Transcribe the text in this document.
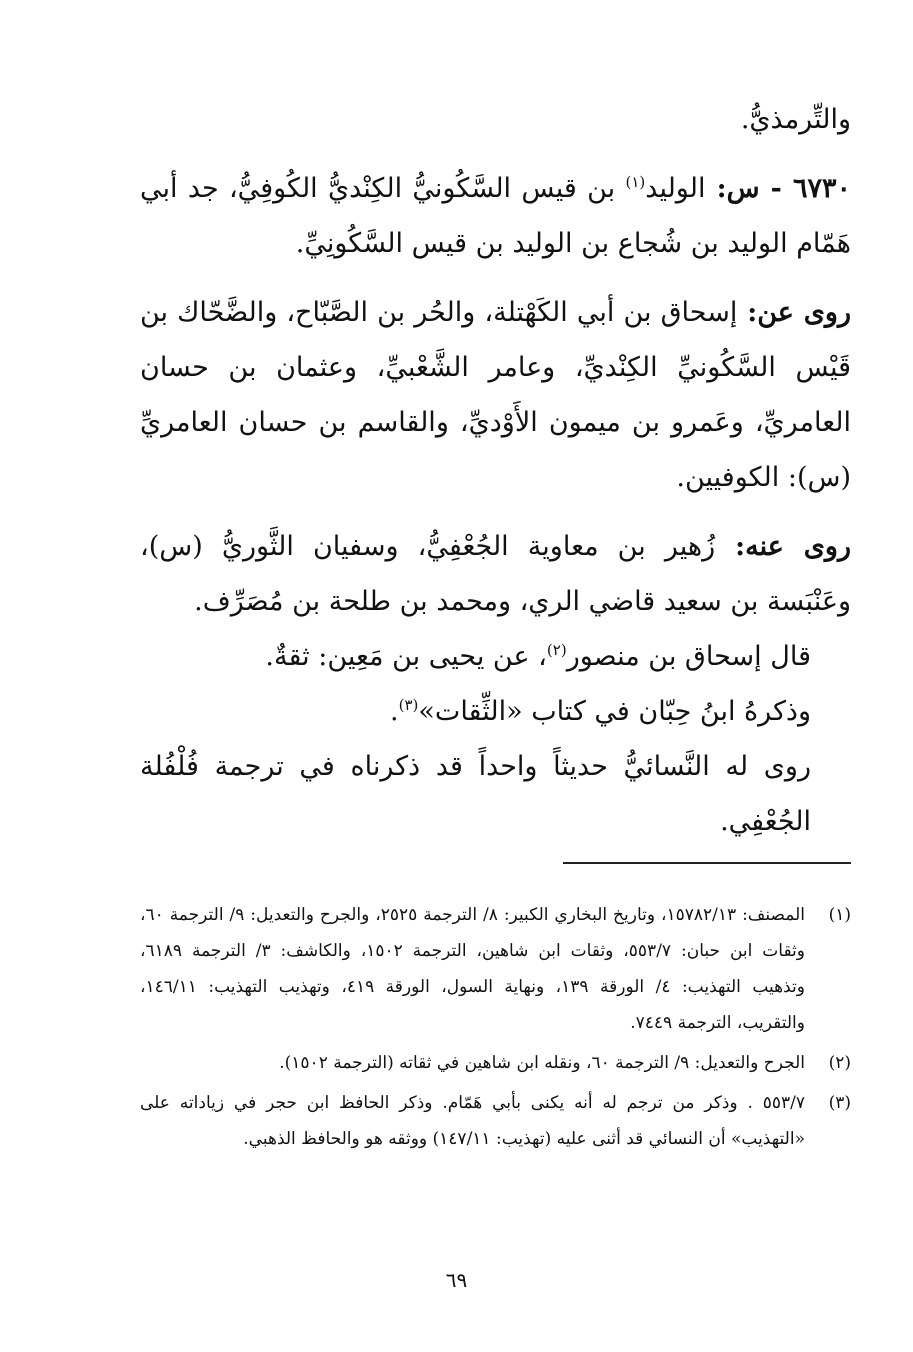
والتِّرمذيُّ.

٦٧٣٠ - س: الوليد$^{(١)}$ بن قيس السَّكُونيُّ الكِنْديُّ الكُوفِيُّ، جد أبي هَمّام الوليد بن شُجاع بن الوليد بن قيس السَّكُونِيِّ.

روى عن: إسحاق بن أبي الكَهْتلة، والحُر بن الصَّبّاح، والضَّحّاك بن قَيْس السَّكُونيِّ الكِنْديِّ، وعامر الشَّعْبيِّ، وعثمان بن حسان العامريِّ، وعَمرو بن ميمون الأَوْديِّ، والقاسم بن حسان العامريِّ (س): الكوفيين.

روى عنه: زُهير بن معاوية الجُعْفِيُّ، وسفيان الثَّوريُّ (س)، وعَنْبَسة بن سعيد قاضي الري، ومحمد بن طلحة بن مُصَرِّف.

قال إسحاق بن منصور$^{(٢)}$، عن يحيى بن مَعِين: ثقةٌ.

وذكرهُ ابنُ حِبّان في كتاب «الثِّقات»$^{(٣)}$.

روى له النَّسائيُّ حديثاً واحداً قد ذكرناه في ترجمة فُلْفُلة الجُعْفِي.

(١)
المصنف: ١٥٧٨٢/١٣، وتاريخ البخاري الكبير: ٨/ الترجمة ٢٥٢٥، والجرح والتعديل: ٩/ الترجمة ٦٠، وثقات ابن حبان: ٥٥٣/٧، وثقات ابن شاهين، الترجمة ١٥٠٢، والكاشف: ٣/ الترجمة ٦١٨٩، وتذهيب التهذيب: ٤/ الورقة ١٣٩، ونهاية السول، الورقة ٤١٩، وتهذيب التهذيب: ١٤٦/١١، والتقريب، الترجمة ٧٤٤٩.
(٢)
الجرح والتعديل: ٩/ الترجمة ٦٠، ونقله ابن شاهين في ثقاته (الترجمة ١٥٠٢).
(٣)
٥٥٣/٧ . وذكر من ترجم له أنه يكنى بأبي هَمّام. وذكر الحافظ ابن حجر في زياداته على «التهذيب» أن النسائي قد أثنى عليه (تهذيب: ١٤٧/١١) ووثقه هو والحافظ الذهبي.
٦٩
